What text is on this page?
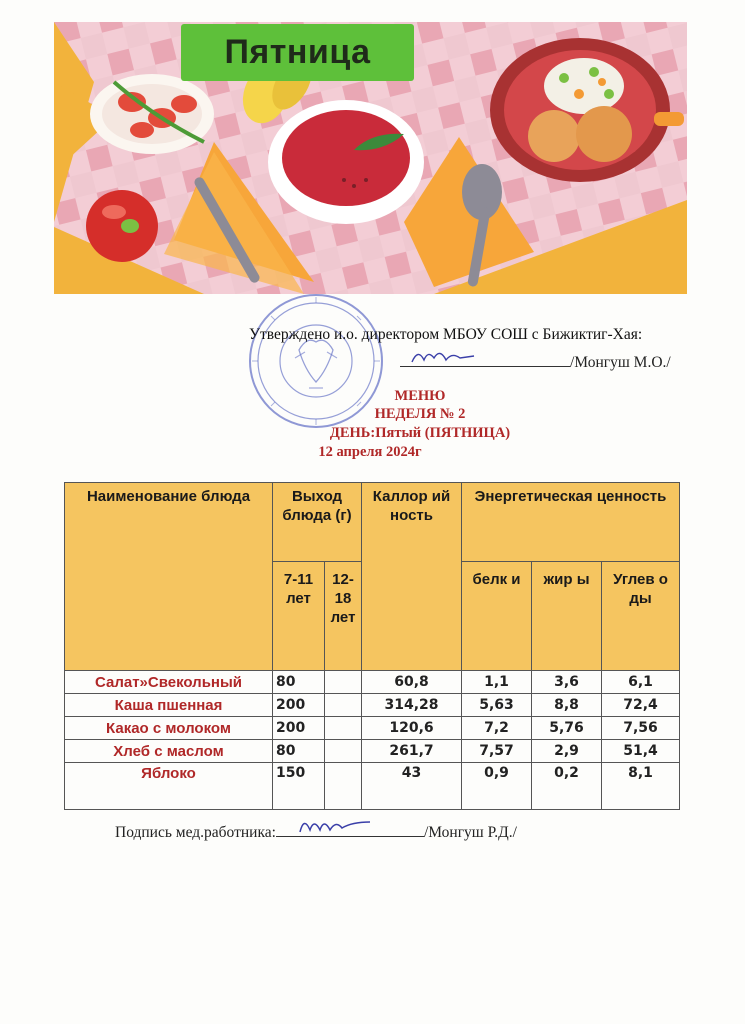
Пятница
Утверждено и.о. директором МБОУ СОШ с Бижиктиг-Хая:
/Монгуш М.О./
МЕНЮ
НЕДЕЛЯ № 2
ДЕНЬ:Пятый (ПЯТНИЦА)
12 апреля 2024г
Наименование блюда	Выход блюда (г)		Каллор ий ность	Энергетическая ценность		
	7-11 лет	12-18 лет		белк и	жир ы	Углев о ды
Салат»Свекольный	80		60,8	1,1	3,6	6,1
Каша пшенная	200		314,28	5,63	8,8	72,4
Какао с молоком	200		120,6	7,2	5,76	7,56
Хлеб с маслом	80		261,7	7,57	2,9	51,4
Яблоко	150		43	0,9	0,2	8,1
Подпись мед.работника:	/Монгуш Р.Д./
